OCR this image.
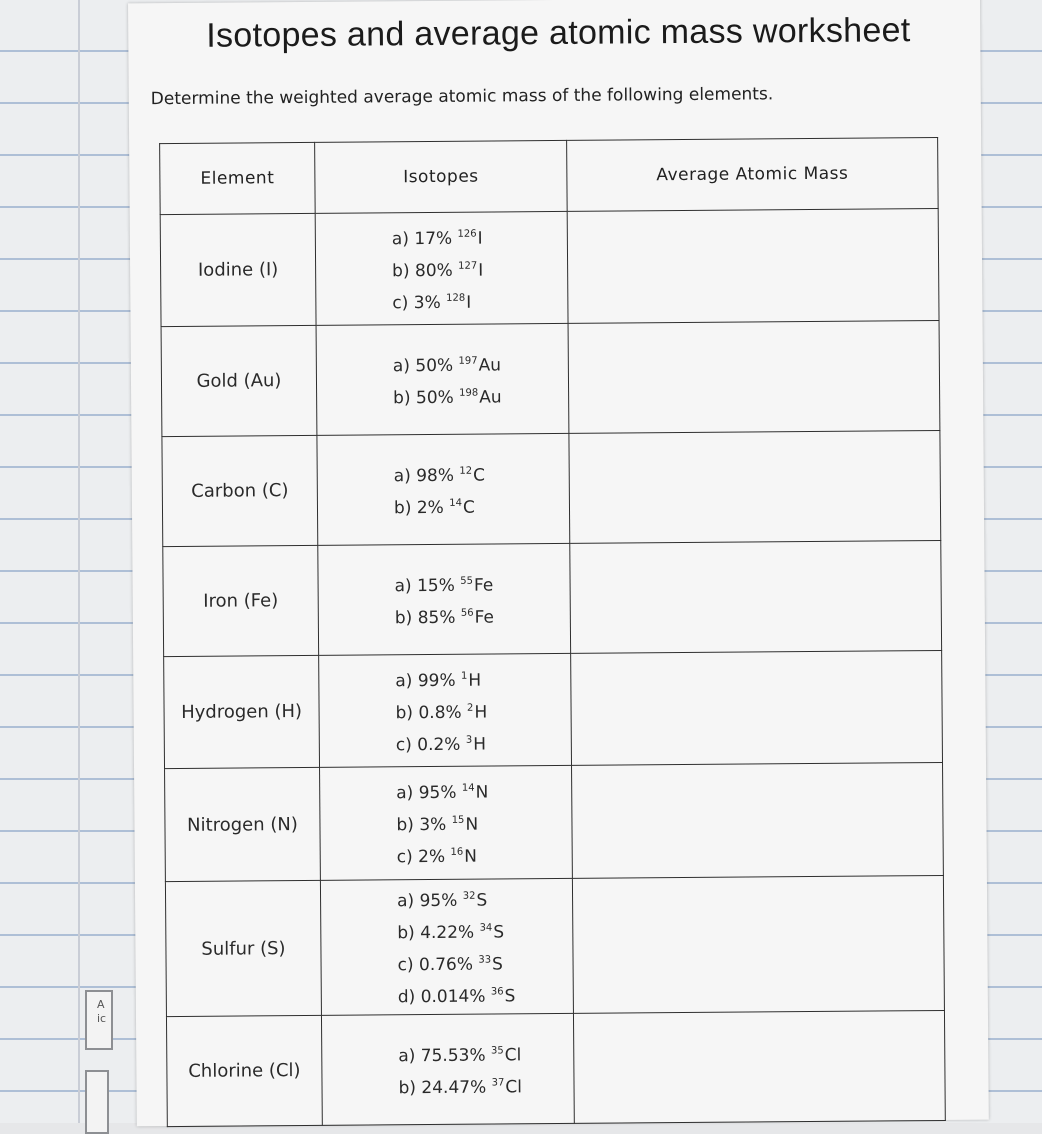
A
ic
Isotopes and average atomic mass worksheet
Determine the weighted average atomic mass of the following elements.
Element	Isotopes	Average Atomic Mass
Iodine (I)	a) 17% $^{126}$I
b) 80% $^{127}$I
c) 3% $^{128}$I	

Gold (Au)	a) 50% $^{197}$Au
b) 50% $^{198}$Au	

Carbon (C)	a) 98% $^{12}$C
b) 2% $^{14}$C	

Iron (Fe)	a) 15% $^{55}$Fe
b) 85% $^{56}$Fe	

Hydrogen (H)	a) 99% $^1$H
b) 0.8% $^2$H
c) 0.2% $^3$H	

Nitrogen (N)	a) 95% $^{14}$N
b) 3% $^{15}$N
c) 2% $^{16}$N	

Sulfur (S)	a) 95% $^{32}$S
b) 4.22% $^{34}$S
c) 0.76% $^{33}$S
d) 0.014% $^{36}$S	

Chlorine (Cl)	a) 75.53% $^{35}$Cl
b) 24.47% $^{37}$Cl	
